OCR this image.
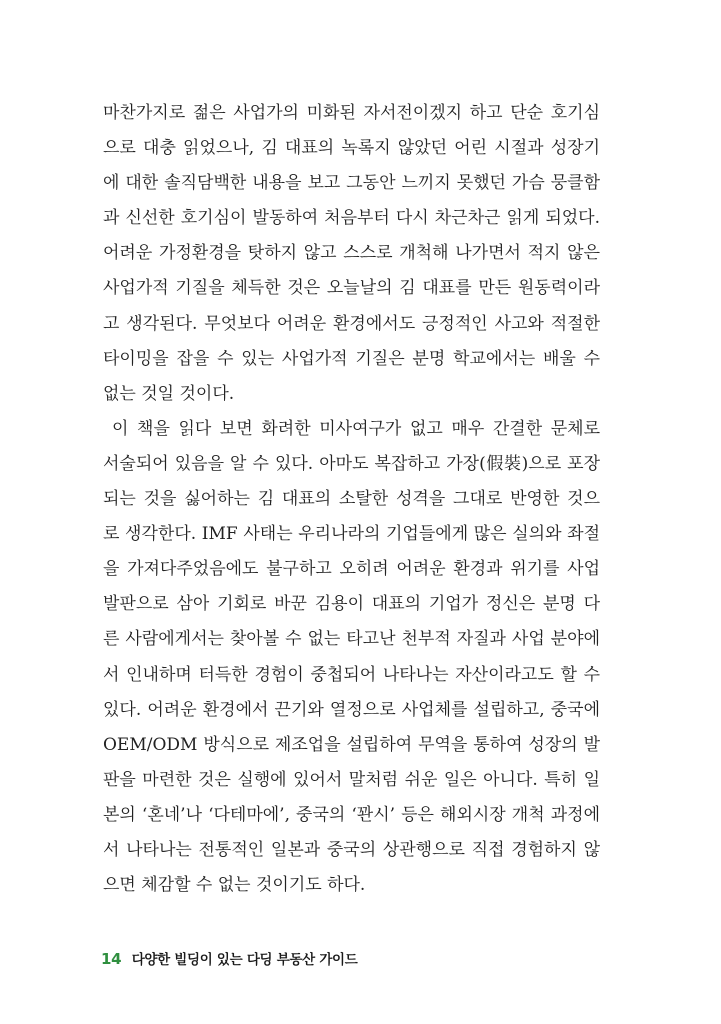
마찬가지로 젊은 사업가의 미화된 자서전이겠지 하고 단순 호기심
으로 대충 읽었으나, 김 대표의 녹록지 않았던 어린 시절과 성장기
에 대한 솔직담백한 내용을 보고 그동안 느끼지 못했던 가슴 뭉클함
과 신선한 호기심이 발동하여 처음부터 다시 차근차근 읽게 되었다.
어려운 가정환경을 탓하지 않고 스스로 개척해 나가면서 적지 않은
사업가적 기질을 체득한 것은 오늘날의 김 대표를 만든 원동력이라
고 생각된다. 무엇보다 어려운 환경에서도 긍정적인 사고와 적절한
타이밍을 잡을 수 있는 사업가적 기질은 분명 학교에서는 배울 수
없는 것일 것이다.
이 책을 읽다 보면 화려한 미사여구가 없고 매우 간결한 문체로
서술되어 있음을 알 수 있다. 아마도 복잡하고 가장(假裝)으로 포장
되는 것을 싫어하는 김 대표의 소탈한 성격을 그대로 반영한 것으
로 생각한다. IMF 사태는 우리나라의 기업들에게 많은 실의와 좌절
을 가져다주었음에도 불구하고 오히려 어려운 환경과 위기를 사업
발판으로 삼아 기회로 바꾼 김용이 대표의 기업가 정신은 분명 다
른 사람에게서는 찾아볼 수 없는 타고난 천부적 자질과 사업 분야에
서 인내하며 터득한 경험이 중첩되어 나타나는 자산이라고도 할 수
있다. 어려운 환경에서 끈기와 열정으로 사업체를 설립하고, 중국에
OEM/ODM 방식으로 제조업을 설립하여 무역을 통하여 성장의 발
판을 마련한 것은 실행에 있어서 말처럼 쉬운 일은 아니다. 특히 일
본의 ‘혼네’나 ‘다테마에’, 중국의 ‘꽌시’ 등은 해외시장 개척 과정에
서 나타나는 전통적인 일본과 중국의 상관행으로 직접 경험하지 않
으면 체감할 수 없는 것이기도 하다.
14 다양한 빌딩이 있는 다딩 부동산 가이드
